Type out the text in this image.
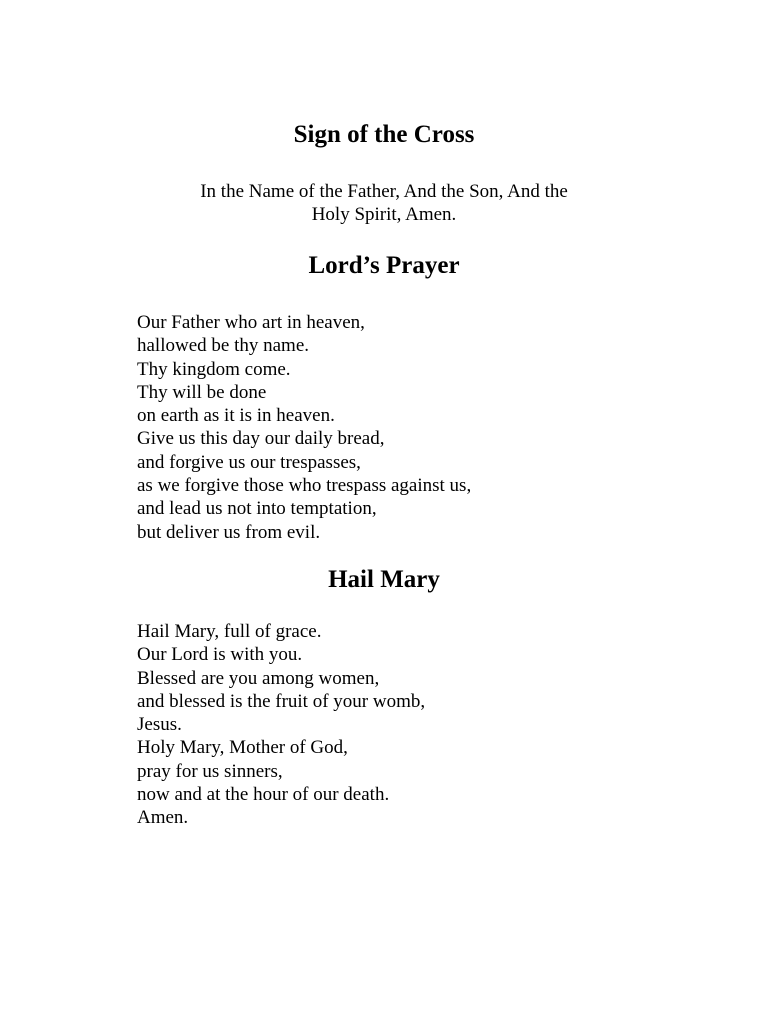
Sign of the Cross

In the Name of the Father, And the Son, And the
Holy Spirit, Amen.

Lord’s Prayer
Our Father who art in heaven,
hallowed be thy name.
Thy kingdom come.
Thy will be done
on earth as it is in heaven.
Give us this day our daily bread,
and forgive us our trespasses,
as we forgive those who trespass against us,
and lead us not into temptation,
but deliver us from evil.
Hail Mary
Hail Mary, full of grace.
Our Lord is with you.
Blessed are you among women,
and blessed is the fruit of your womb,
Jesus.
Holy Mary, Mother of God,
pray for us sinners,
now and at the hour of our death.
Amen.
